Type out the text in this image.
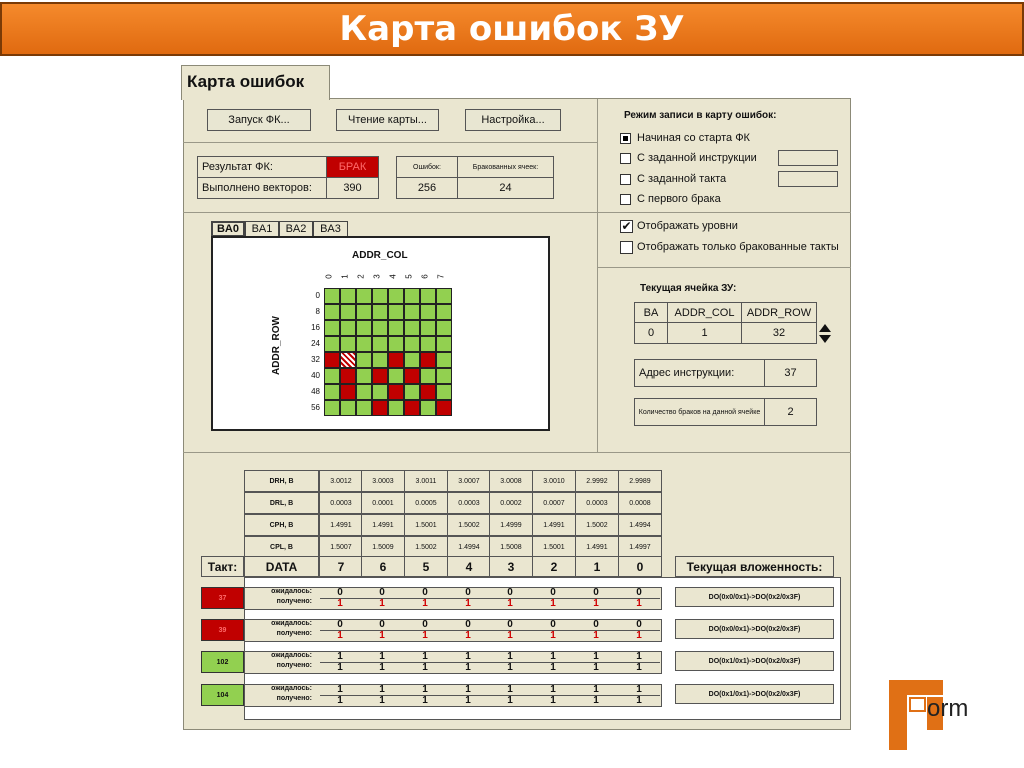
Карта ошибок ЗУ
Карта ошибок
Запуск ФК...	Чтение карты...	Настройка...
Результат ФК:	БРАК
Выполнено векторов:	390
Ошибок:	Бракованных ячеек:
256	24
Режим записи в карту ошибок:
Начиная со старта ФК
С заданной инструкции
С заданной такта
С первого брака
✔ Отображать уровни
Отображать только бракованные такты
Текущая ячейка ЗУ:
BA	ADDR_COL	ADDR_ROW
0	1	32
Адрес инструкции:	37
Количество браков на данной ячейке	2
BA0	BA1	BA2	BA3
ADDR_COL
ADDR_ROW
0 1 2 3 4 5 6 7
0
8
16
24
32
40
48
56
DRH, B	3.0012	3.0003	3.0011	3.0007	3.0008	3.0010	2.9992	2.9989
DRL, B	0.0003	0.0001	0.0005	0.0003	0.0002	0.0007	0.0003	0.0008
CPH, B	1.4991	1.4991	1.5001	1.5002	1.4999	1.4991	1.5002	1.4994
CPL, B	1.5007	1.5009	1.5002	1.4994	1.5008	1.5001	1.4991	1.4997
Такт:	DATA	7	6	5	4	3	2	1	0	Текущая вложенность:
37
ожидалось:
получено:
0	0	0	0	0	0	0	0
1	1	1	1	1	1	1	1
DO(0x0/0x1)->DO(0x2/0x3F)
39
ожидалось:
получено:
0	0	0	0	0	0	0	0
1	1	1	1	1	1	1	1
DO(0x0/0x1)->DO(0x2/0x3F)
102
ожидалось:
получено:
1	1	1	1	1	1	1	1
1	1	1	1	1	1	1	1
DO(0x1/0x1)->DO(0x2/0x3F)
104
ожидалось:
получено:
1	1	1	1	1	1	1	1
1	1	1	1	1	1	1	1
DO(0x1/0x1)->DO(0x2/0x3F)
orm
